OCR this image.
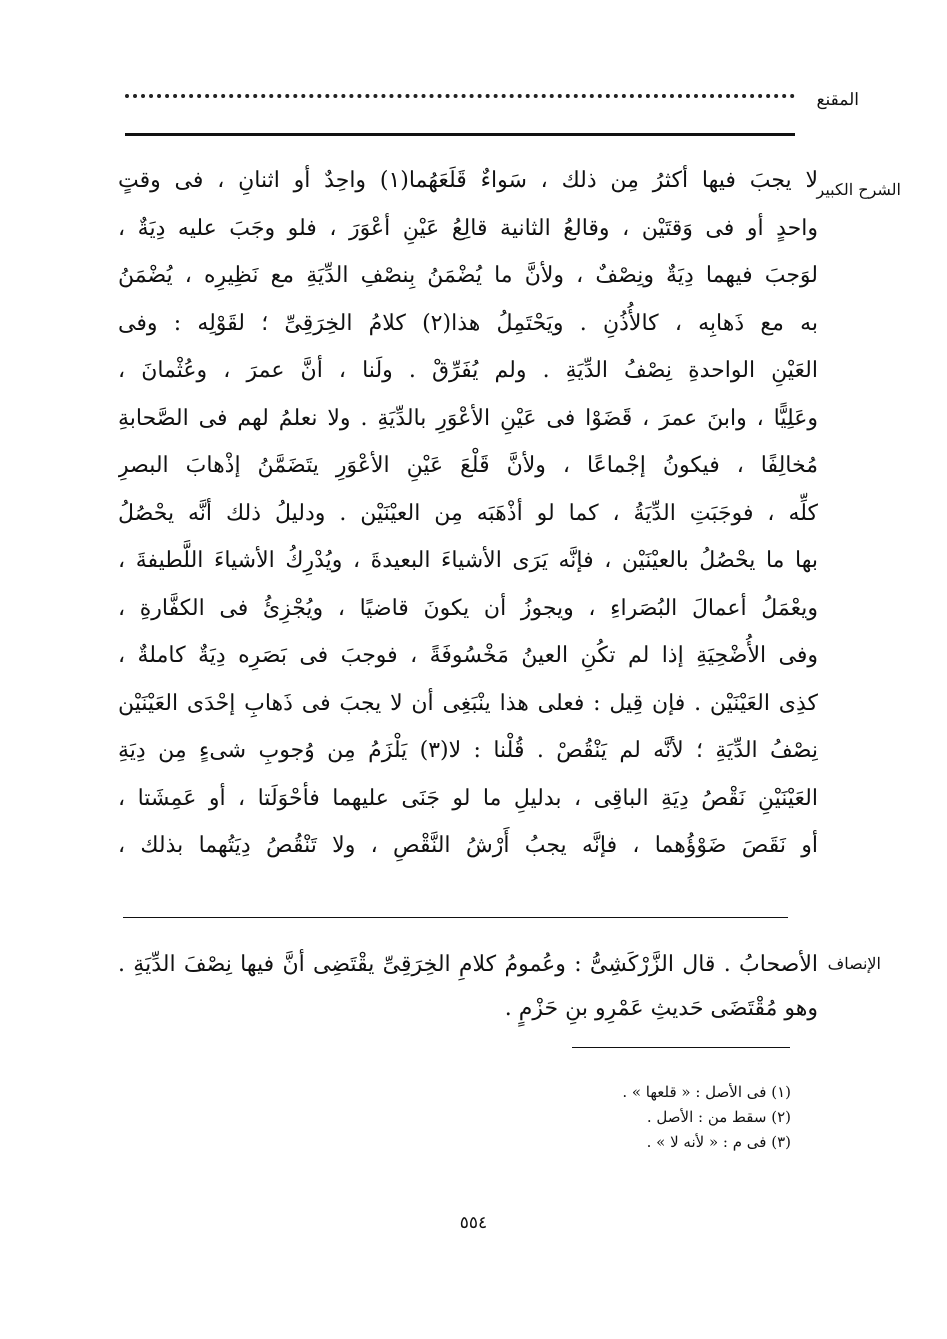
المقنع
الشرح الكبير
الإنصاف
لا يجبَ فيها أكثرُ مِن ذلك ، سَواءٌ قَلَعَهُما(١) واحِدٌ أو اثنانِ ، فى وقتٍ
واحدٍ أو فى وَقتَيْن ، وقالعُ الثانية قالِعُ عَيْنِ أعْوَرَ ، فلو وجَبَ عليه دِيَةٌ ،
لوَجبَ فيهما دِيَةٌ ونِصْفٌ ، ولأنَّ ما يُضْمَنُ بِنصْفِ الدِّيَةِ مع نَظِيرِه ، يُضْمَنُ
به مع ذَهابِه ، كالأُذُنِ . ويَحْتَمِلُ هذا(٢) كلامُ الخِرَقِىِّ ؛ لقَوْلِه : وفى
العَيْنِ الواحدةِ نِصْفُ الدِّيَةِ . ولم يُفَرِّقْ . ولَنا ، أنَّ عمرَ ، وعُثْمانَ ،
وعَلِيًّا ، وابنَ عمرَ ، قَضَوْا فى عَيْنِ الأعْوَرِ بالدِّيَةِ . ولا نعلمُ لهم فى الصَّحابةِ
مُخالِفًا ، فيكونُ إجْماعًا ، ولأنَّ قَلْعَ عَيْنِ الأعْوَرِ يتَضَمَّنُ إذْهابَ البصرِ
كلِّه ، فوجَبَتِ الدِّيَةُ ، كما لو أذْهَبَه مِن العيْنَيْن . ودليلُ ذلك أنَّه يحْصُلُ
بها ما يحْصُلُ بالعيْنَيْن ، فإنَّه يَرَى الأشياءَ البعيدةَ ، ويُدْرِكُ الأشياءَ اللَّطيفةَ ،
ويعْمَلُ أعمالَ البُصَراءِ ، ويجوزُ أن يكونَ قاضيًا ، ويُجْزِئُ فى الكفَّارةِ ،
وفى الأُضْحِيَةِ إذا لم تكُنِ العينُ مَخْسُوفَةً ، فوجبَ فى بَصَرِه دِيَةٌ كاملةٌ ،
كذِى العَيْنَيْن . فإن قِيل : فعلى هذا ينْبَغِى أن لا يجبَ فى ذَهابِ إحْدَى العَيْنَيْن
نِصْفُ الدِّيَةِ ؛ لأنَّه لم يَنْقُصْ . قُلْنا : لا(٣) يَلْزَمُ مِن وُجوبِ شىءٍ مِن دِيَةِ
العَيْنَيْنِ نَقْصُ دِيَةِ الباقِى ، بدليلِ ما لو جَنَى عليهما فأحْوَلَتا ، أو عَمِشَتا ،
أو نَقَصَ ضَوْؤُهما ، فإنَّه يجبُ أَرْشُ النَّقْصِ ، ولا تَنْقُصُ دِيَتُهما بذلك ،
الأصحابُ . قال الزَّرْكَشِىُّ : وعُمومُ كلامِ الخِرَقِىِّ يقْتَضِى أنَّ فيها نِصْفَ الدِّيَةِ .
وهو مُقْتَضَى حَديثِ عَمْرِو بنِ حَزْمٍ .
(١) فى الأصل : « قلعها » .
(٢) سقط من : الأصل .
(٣) فى م : « لأنه لا » .
٥٥٤
